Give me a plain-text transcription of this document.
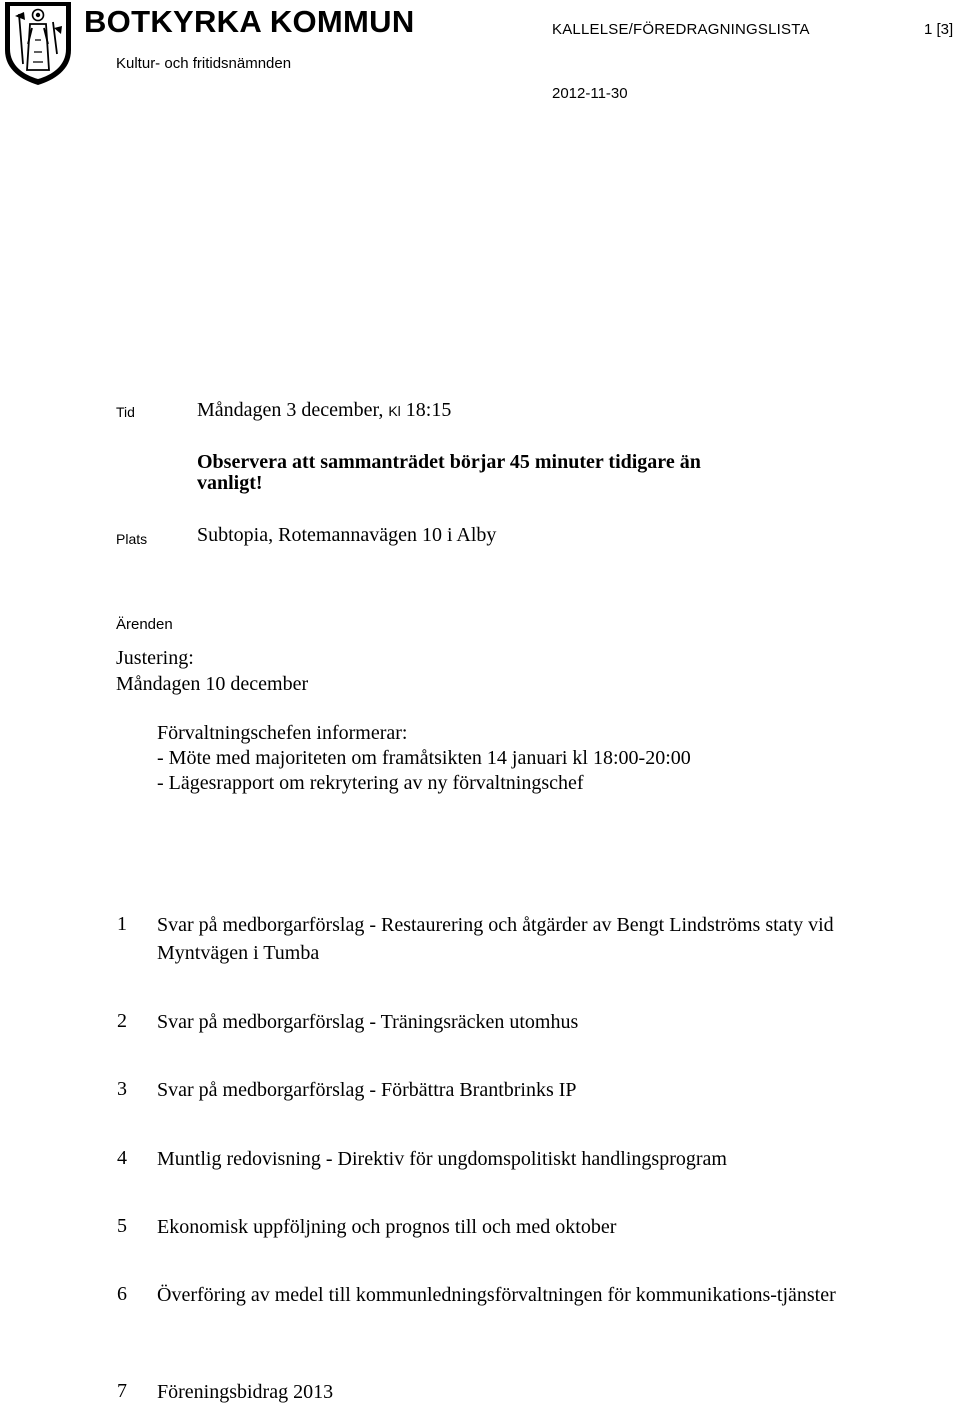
BOTKYRKA KOMMUN
Kultur- och fritidsnämnden
KALLELSE/FÖREDRAGNINGSLISTA	1 [3]
2012-11-30
Tid	Måndagen 3 december, Kl 18:15
Observera att sammanträdet börjar 45 minuter tidigare än
vanligt!
Plats Subtopia, Rotemannavägen 10 i Alby
Ärenden
Justering:
Måndagen 10 december
Förvaltningschefen informerar:
- Möte med majoriteten om framåtsikten 14 januari kl 18:00-20:00
- Lägesrapport om rekrytering av ny förvaltningschef
1 Svar på medborgarförslag - Restaurering och åtgärder av Bengt Lindströms staty vid Myntvägen i Tumba
2 Svar på medborgarförslag - Träningsräcken utomhus
3 Svar på medborgarförslag - Förbättra Brantbrinks IP
4 Muntlig redovisning - Direktiv för ungdomspolitiskt handlingsprogram
5 Ekonomisk uppföljning och prognos till och med oktober
6 Överföring av medel till kommunledningsförvaltningen för kommunikations-tjänster
7 Föreningsbidrag 2013
